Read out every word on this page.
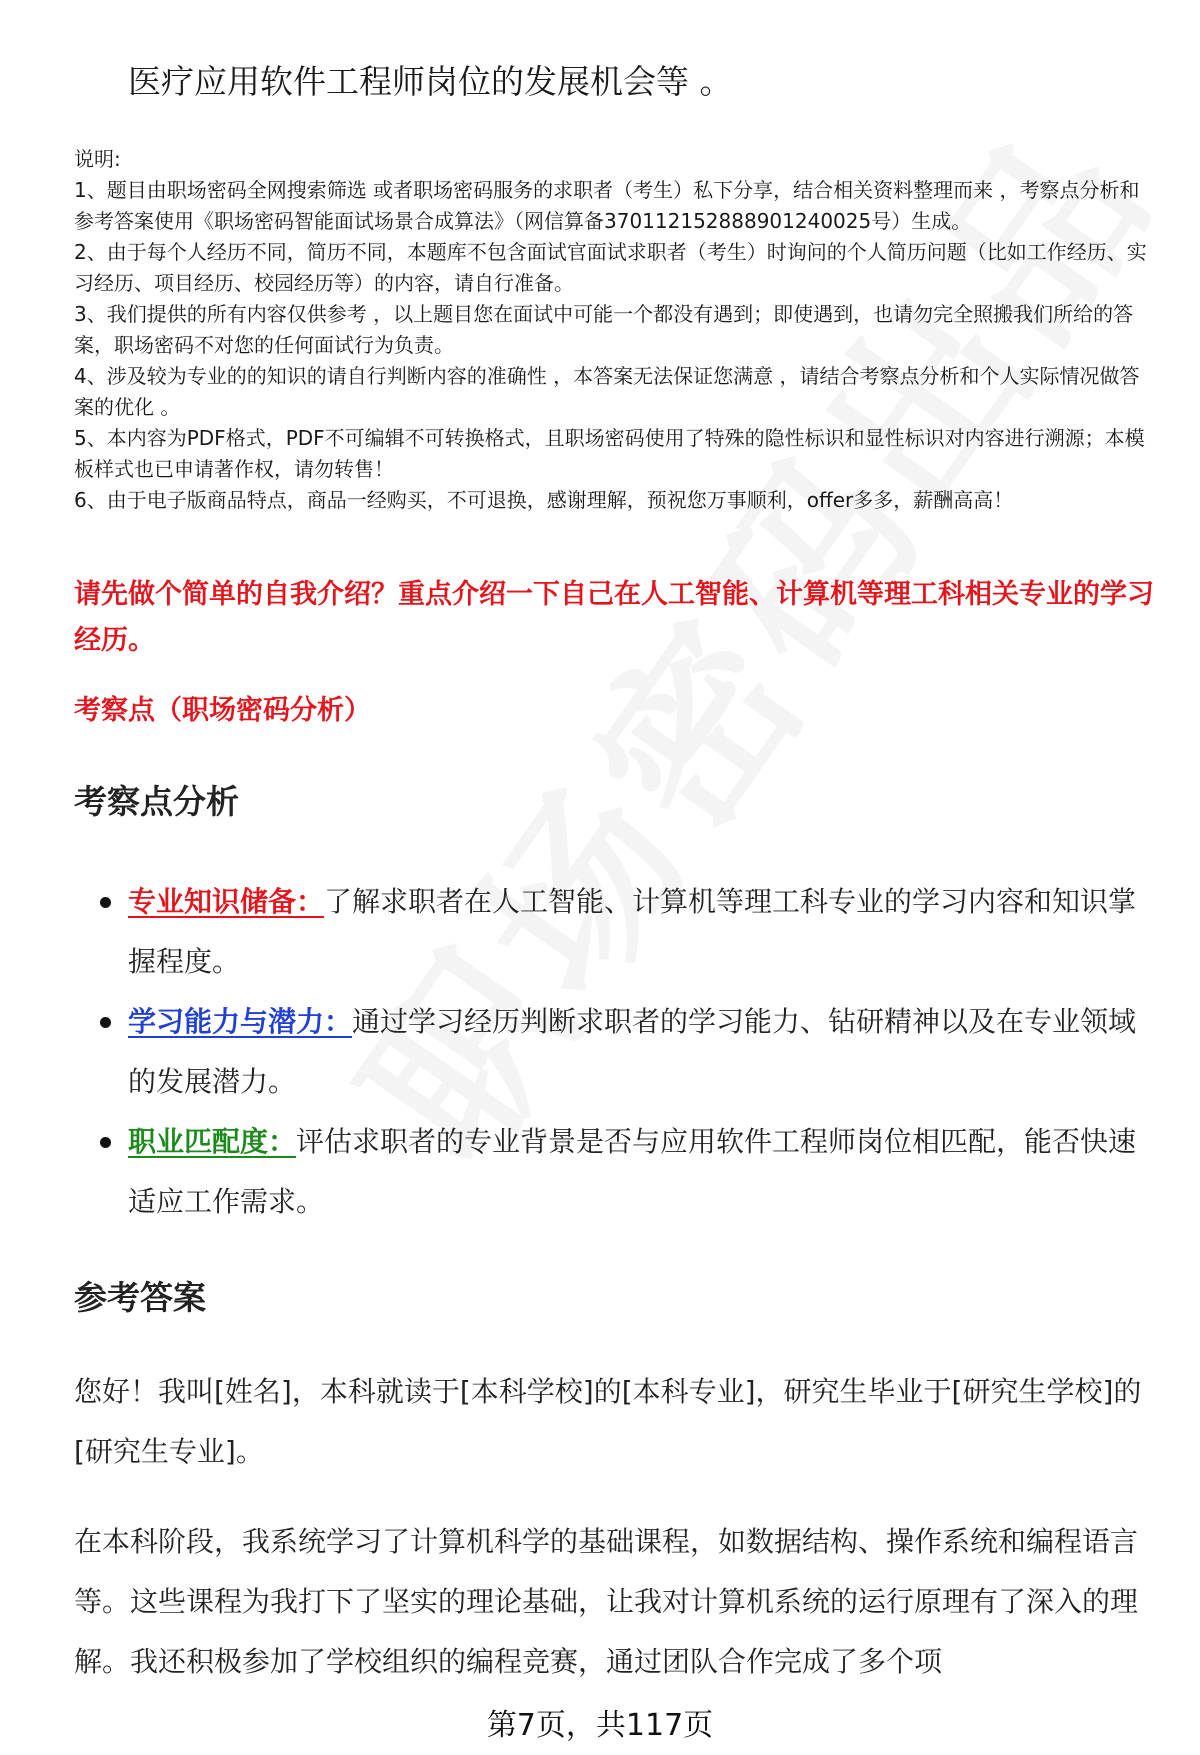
医疗应用软件工程师岗位的发展机会等 。

说明:

1、题目由职场密码全网搜索筛选 或者职场密码服务的求职者（考生）私下分享，结合相关资料整理而来 ，考察点分析和参考答案使用《职场密码智能面试场景合成算法》（网信算备370112152888901240025号）生成。

2、由于每个人经历不同，简历不同，本题库不包含面试官面试求职者（考生）时询问的个人简历问题（比如工作经历、实习经历、项目经历、校园经历等）的内容，请自行准备。

3、我们提供的所有内容仅供参考 ，以上题目您在面试中可能一个都没有遇到；即使遇到，也请勿完全照搬我们所给的答案，职场密码不对您的任何面试行为负责。

4、涉及较为专业的的知识的请自行判断内容的准确性 ，本答案无法保证您满意 ，请结合考察点分析和个人实际情况做答案的优化 。

5、本内容为PDF格式，PDF不可编辑不可转换格式，且职场密码使用了特殊的隐性标识和显性标识对内容进行溯源；本模板样式也已申请著作权，请勿转售！

6、由于电子版商品特点，商品一经购买，不可退换，感谢理解，预祝您万事顺利，offer多多，薪酬高高！

请先做个简单的自我介绍？重点介绍一下自己在人工智能、计算机等理工科相关专业的学习经历。
考察点（职场密码分析）
考察点分析
专业知识储备：了解求职者在人工智能、计算机等理工科专业的学习内容和知识掌握程度。
学习能力与潜力：通过学习经历判断求职者的学习能力、钻研精神以及在专业领域的发展潜力。
职业匹配度：评估求职者的专业背景是否与应用软件工程师岗位相匹配，能否快速适应工作需求。
参考答案

您好！我叫[姓名]，本科就读于[本科学校]的[本科专业]，研究生毕业于[研究生学校]的[研究生专业]。

在本科阶段，我系统学习了计算机科学的基础课程，如数据结构、操作系统和编程语言等。这些课程为我打下了坚实的理论基础，让我对计算机系统的运行原理有了深入的理解。我还积极参加了学校组织的编程竞赛，通过团队合作完成了多个项

第7页，共117页
